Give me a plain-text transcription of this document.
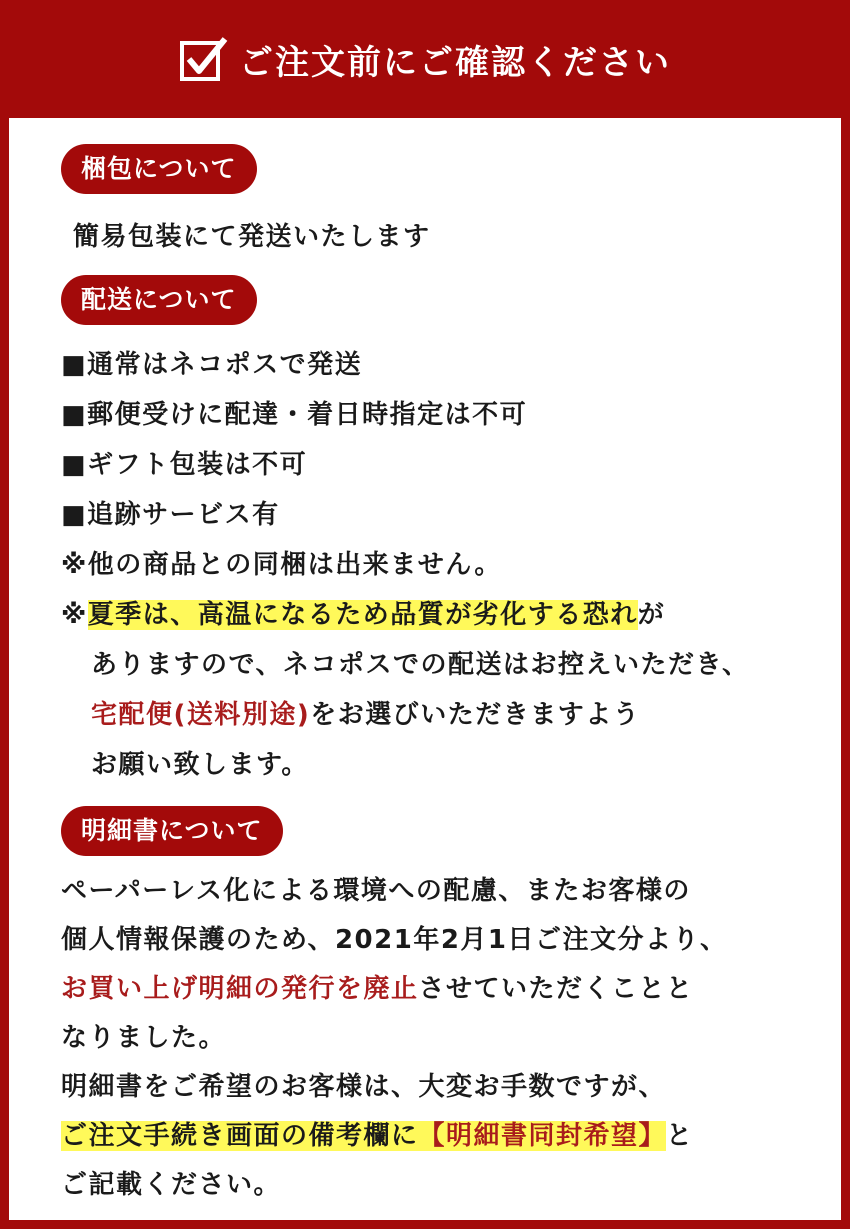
ご注文前にご確認ください
梱包について
簡易包装にて発送いたします
配送について
■通常はネコポスで発送
■郵便受けに配達・着日時指定は不可
■ギフト包装は不可
■追跡サービス有
※他の商品との同梱は出来ません。
※夏季は、高温になるため品質が劣化する恐れが
ありますので、ネコポスでの配送はお控えいただき、
宅配便(送料別途)をお選びいただきますよう
お願い致します。
明細書について
ペーパーレス化による環境への配慮、またお客様の
個人情報保護のため、2021年2月1日ご注文分より、
お買い上げ明細の発行を廃止させていただくことと
なりました。
明細書をご希望のお客様は、大変お手数ですが、
ご注文手続き画面の備考欄に【明細書同封希望】と
ご記載ください。
